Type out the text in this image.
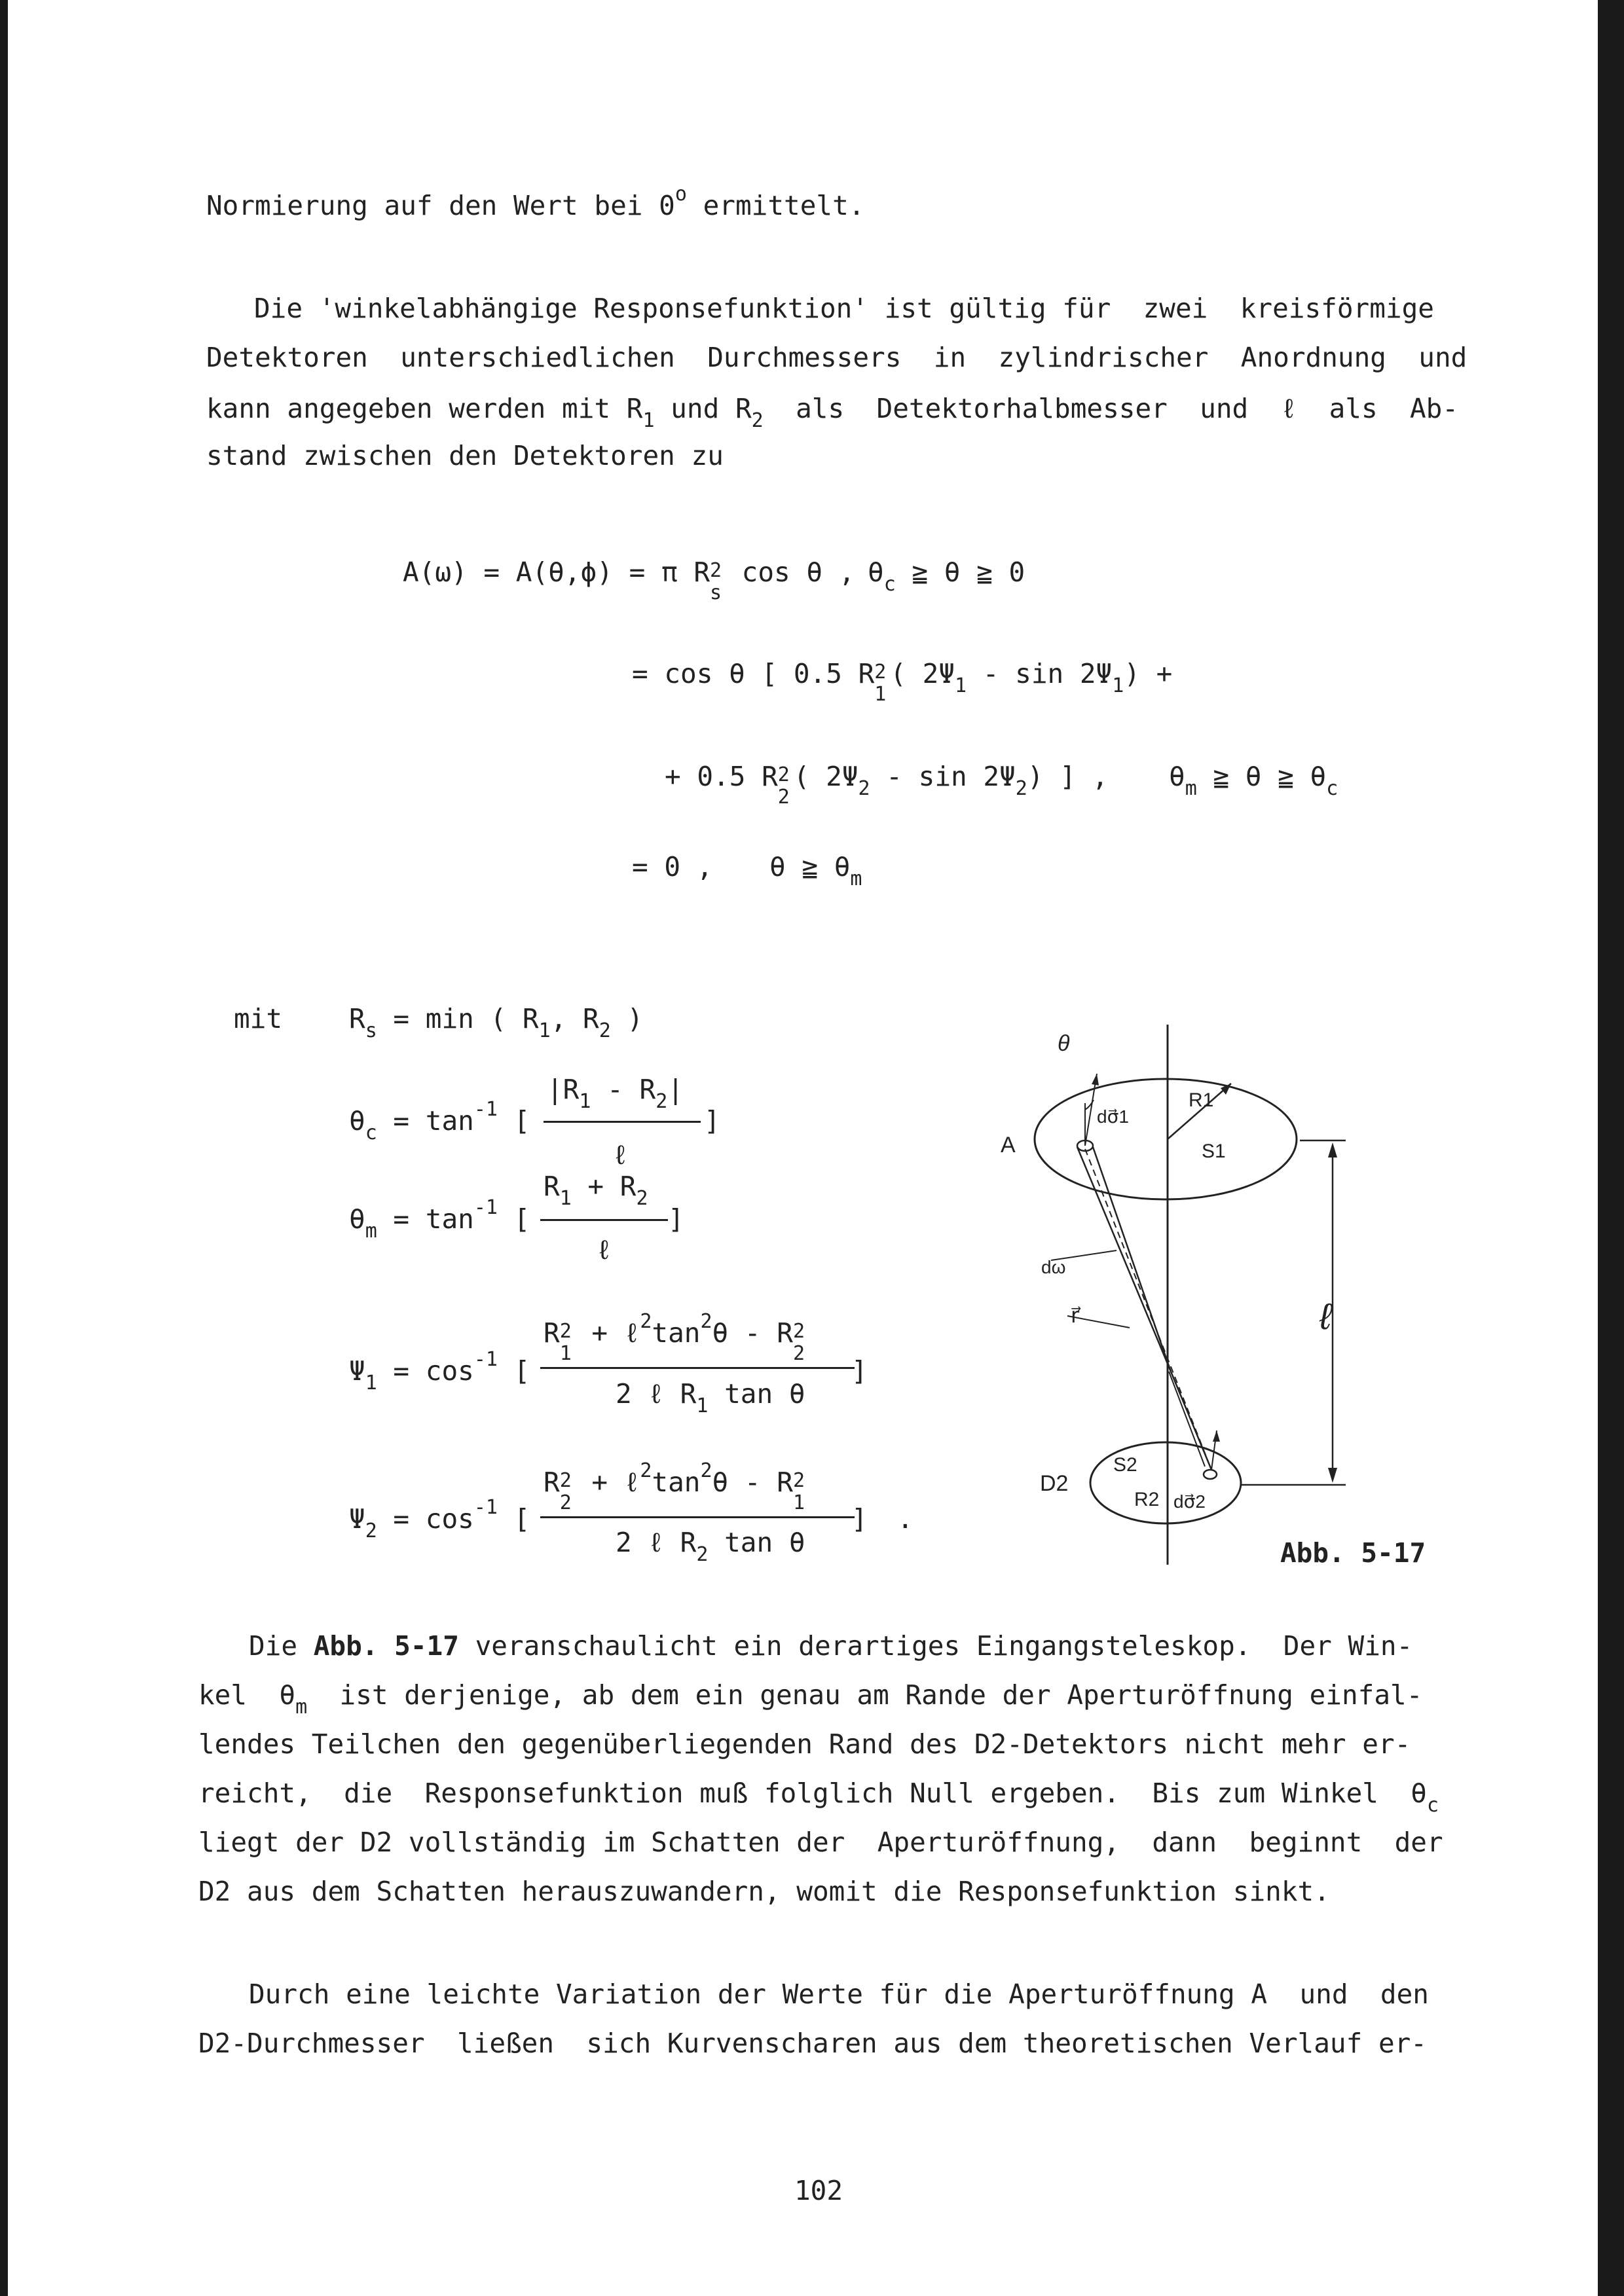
Normierung auf den Wert bei 0$^o$ ermittelt.
Die 'winkelabhängige Responsefunktion' ist gültig für  zwei  kreisförmige
Detektoren  unterschiedlichen  Durchmessers  in  zylindrischer  Anordnung  und
kann angegeben werden mit $R_1$ und $R_2$  als  Detektorhalbmesser  und  ℓ  als  Ab-
stand zwischen den Detektoren zu
A(ω) = A(θ,ϕ) = π R 2
s
cos θ , $\theta_c$ ≧ θ ≧ 0
= cos θ [ 0.5 R 2
1
( $2\Psi_1$ - $\sin 2\Psi_1$) +
+ 0.5 R 2
2
( $2\Psi_2$ - $\sin 2\Psi_2$) ] , $\theta_m$ ≧ θ ≧ $\theta_c$
= 0 , θ ≧ $\theta_m$
mit $R_s = \min$ ( $R_1$, $R_2$ )
$\theta_c = \tan^{-1}$ [
$|R_1 - R_2|$
ℓ
]
$\theta_m = \tan^{-1}$ [
$R_1 + R_2$
ℓ
]
$\Psi_1 = \cos^{-1}$ [
R 2
1
+ $\ell^2\tan^2\theta$ - R 2
2
2 ℓ $R_1$ tan θ
]
$\Psi_2 = \cos^{-1}$ [
R 2
2
+ $\ell^2\tan^2\theta$ - R 2
1
2 ℓ $R_2$ tan θ
] .
θ
dσ⃗1
R1
S1
A
dω
r⃗	ℓ
S2
D2
R2 dσ⃗2
Abb. 5-17
Die Abb. 5-17 veranschaulicht ein derartiges Eingangsteleskop.  Der Win-
kel  $\theta_m$  ist derjenige, ab dem ein genau am Rande der Aperturöffnung einfal-
lendes Teilchen den gegenüberliegenden Rand des D2-Detektors nicht mehr er-
reicht,  die  Responsefunktion muß folglich Null ergeben.  Bis zum Winkel  $\theta_c$
liegt der D2 vollständig im Schatten der  Aperturöffnung,  dann  beginnt  der
D2 aus dem Schatten herauszuwandern, womit die Responsefunktion sinkt.
Durch eine leichte Variation der Werte für die Aperturöffnung A  und  den
D2-Durchmesser  ließen  sich Kurvenscharen aus dem theoretischen Verlauf er-
102
